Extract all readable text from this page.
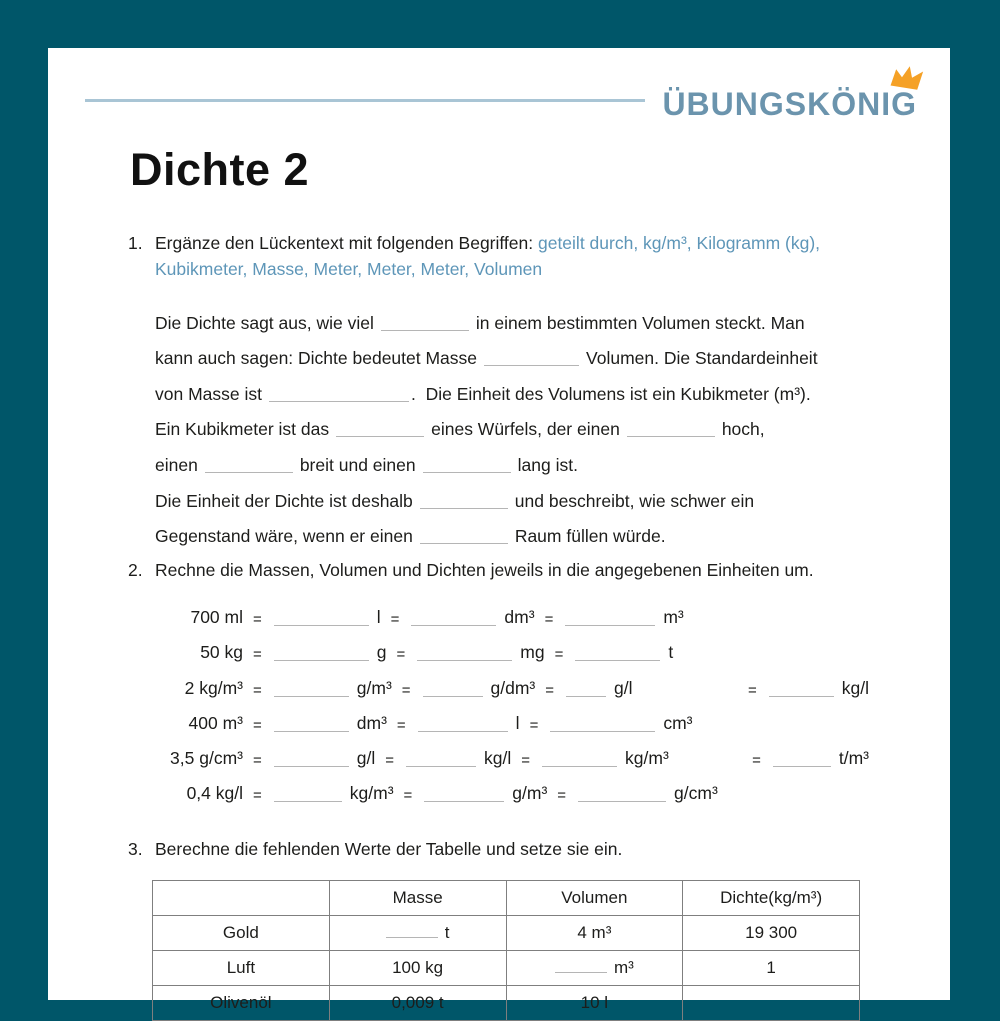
ÜBUNGSKÖNIG
Dichte 2
1. Ergänze den Lückentext mit folgenden Begriffen: geteilt durch, kg/m³, Kilogramm (kg), Kubikmeter, Masse, Meter, Meter, Meter, Volumen
Die Dichte sagt aus, wie viel	in einem bestimmten Volumen steckt. Man
kann auch sagen: Dichte bedeutet Masse	Volumen. Die Standardeinheit
von Masse ist	.  Die Einheit des Volumens ist ein Kubikmeter (m³).
Ein Kubikmeter ist das	eines Würfels, der einen	hoch,
einen	breit und einen	lang ist.
Die Einheit der Dichte ist deshalb	und beschreibt, wie schwer ein
Gegenstand wäre, wenn er einen	Raum füllen würde.
2. Rechne die Massen, Volumen und Dichten jeweils in die angegebenen Einheiten um.
700 ml =	l =	dm³ =	m³
50 kg =	g =	mg =	t
2 kg/m³ =	g/m³ =	g/dm³ =	g/l	=	kg/l
400 m³ =	dm³ =	l =	cm³
3,5 g/cm³ =	g/l =	kg/l =	kg/m³	=	t/m³
0,4 kg/l =	kg/m³ =	g/m³ =	g/cm³
3. Berechne die fehlenden Werte der Tabelle und setze sie ein.
	Masse	Volumen	Dichte(kg/m³)
Gold	t	4 m³	19 300
Luft	100 kg	m³	1
Olivenöl	0,009 t	10 l	
